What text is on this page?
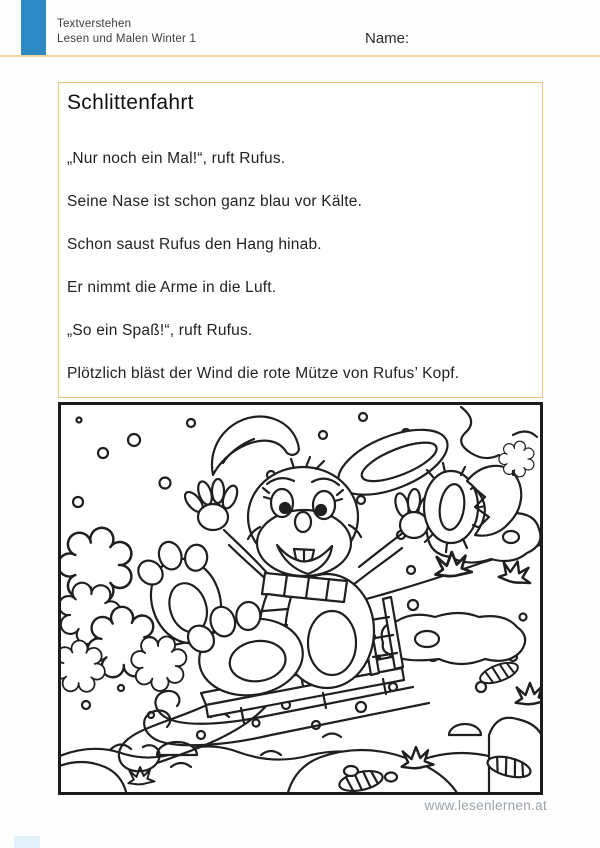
Textverstehen
Lesen und Malen Winter 1	Name:
Schlittenfahrt

„Nur noch ein Mal!“, ruft Rufus.

Seine Nase ist schon ganz blau vor Kälte.

Schon saust Rufus den Hang hinab.

Er nimmt die Arme in die Luft.

„So ein Spaß!“, ruft Rufus.

Plötzlich bläst der Wind die rote Mütze von Rufus’ Kopf.

www.lesenlernen.at
